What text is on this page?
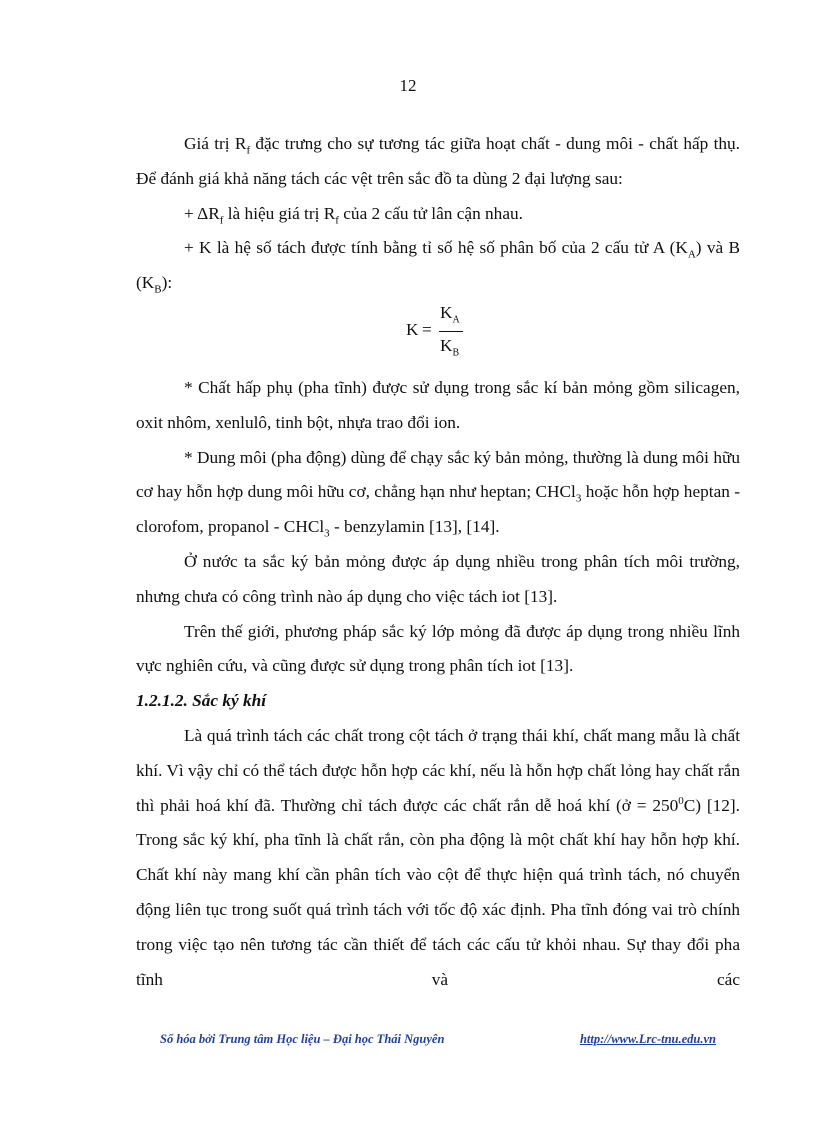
12

Giá trị $R_f$ đặc trưng cho sự tương tác giữa hoạt chất - dung môi - chất hấp thụ. Để đánh giá khả năng tách các vệt trên sắc đồ ta dùng 2 đại lượng sau:

+ $\Delta R_f$ là hiệu giá trị $R_f$ của 2 cấu tử lân cận nhau.

+ K là hệ số tách được tính bằng tỉ số hệ số phân bố của 2 cấu tử A $(K_A)$ và B $(K_B)$:

K =
$K_A$
$K_B$

* Chất hấp phụ (pha tĩnh) được sử dụng trong sắc kí bản mỏng gồm silicagen, oxit nhôm, xenlulô, tinh bột, nhựa trao đổi ion.

* Dung môi (pha động) dùng để chạy sắc ký bản mỏng, thường là dung môi hữu cơ hay hỗn hợp dung môi hữu cơ, chẳng hạn như heptan; CHCl$_3$ hoặc hỗn hợp heptan - clorofom, propanol - CHCl$_3$ - benzylamin [13], [14].

Ở nước ta sắc ký bản mỏng được áp dụng nhiều trong phân tích môi trường, nhưng chưa có công trình nào áp dụng cho việc tách iot [13].

Trên thế giới, phương pháp sắc ký lớp mỏng đã được áp dụng trong nhiều lĩnh vực nghiên cứu, và cũng được sử dụng trong phân tích iot [13].

1.2.1.2. Sắc ký khí

Là quá trình tách các chất trong cột tách ở trạng thái khí, chất mang mẫu là chất khí. Vì vậy chỉ có thể tách được hỗn hợp các khí, nếu là hỗn hợp chất lỏng hay chất rắn thì phải hoá khí đã. Thường chỉ tách được các chất rắn dễ hoá khí (ở = $250^0C$) [12]. Trong sắc ký khí, pha tĩnh là chất rắn, còn pha động là một chất khí hay hỗn hợp khí. Chất khí này mang khí cần phân tích vào cột để thực hiện quá trình tách, nó chuyển động liên tục trong suốt quá trình tách với tốc độ xác định. Pha tĩnh đóng vai trò chính trong việc tạo nên tương tác cần thiết để tách các cấu tử khỏi nhau. Sự thay đổi pha tĩnh và các

Số hóa bởi Trung tâm Học liệu – Đại học Thái Nguyên	http://www.Lrc-tnu.edu.vn
